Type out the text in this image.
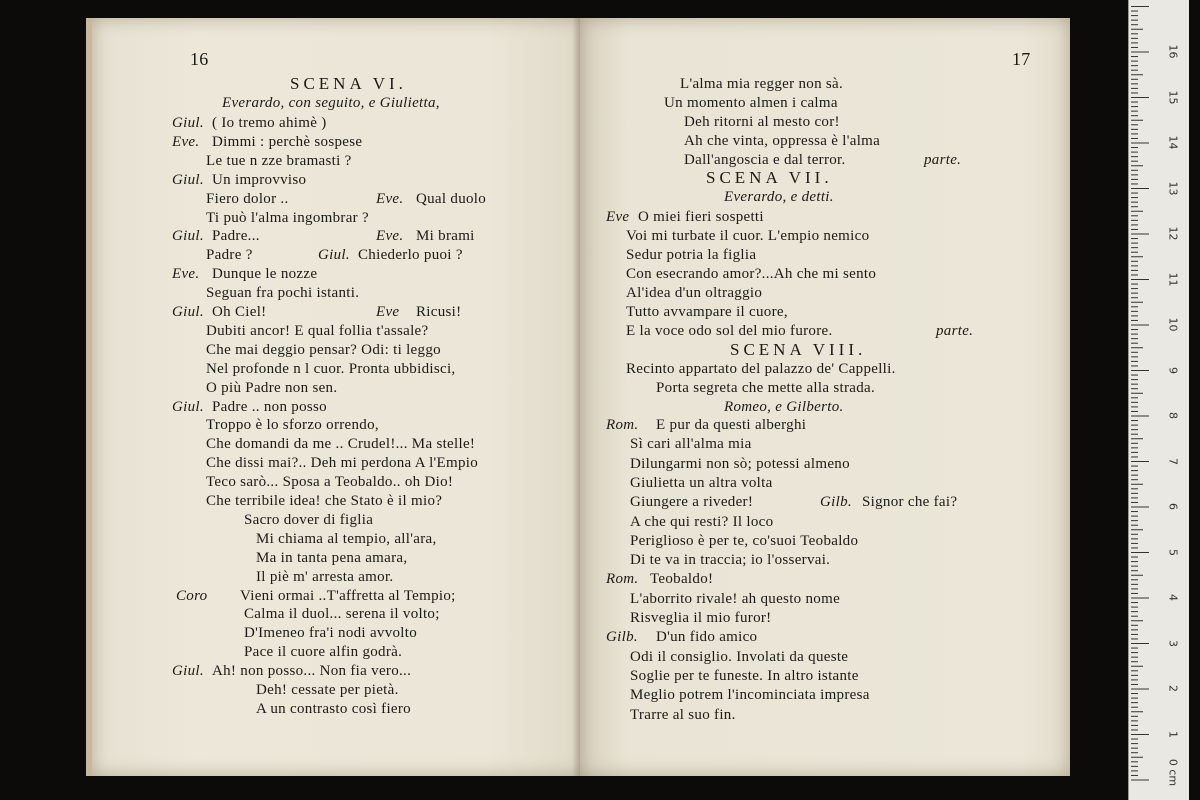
16
SCENA VI.
Everardo, con seguito, e Giulietta,
Giul. ( Io tremo ahimè )
Eve. Dimmi : perchè sospese
Le tue n zze bramasti ?
Giul. Un improvviso
Fiero dolor ..	Eve. Qual duolo
Ti può l'alma ingombrar ?
Giul. Padre...	Eve. Mi brami
Padre ?	Giul. Chiederlo puoi ?
Eve. Dunque le nozze
Seguan fra pochi istanti.
Giul. Oh Ciel!	Eve Ricusi!
Dubiti ancor! E qual follia t'assale?
Che mai deggio pensar? Odi: ti leggo
Nel profonde n l cuor. Pronta ubbidisci,
O più Padre non sen.
Giul. Padre .. non posso
Troppo è lo sforzo orrendo,
Che domandi da me .. Crudel!... Ma stelle!
Che dissi mai?.. Deh mi perdona A l'Empio
Teco sarò... Sposa a Teobaldo.. oh Dio!
Che terribile idea! che Stato è il mio?
Sacro dover di figlia
Mi chiama al tempio, all'ara,
Ma in tanta pena amara,
Il piè m' arresta amor.
Coro Vieni ormai ..T'affretta al Tempio;
Calma il duol... serena il volto;
D'Imeneo fra'i nodi avvolto
Pace il cuore alfin godrà.
Giul. Ah! non posso... Non fia vero...
Deh! cessate per pietà.
A un contrasto così fiero
17
L'alma mia regger non sà.
Un momento almen i calma
Deh ritorni al mesto cor!
Ah che vinta, oppressa è l'alma
Dall'angoscia e dal terror.	parte.
SCENA VII.
Everardo, e detti.
Eve O miei fieri sospetti
Voi mi turbate il cuor. L'empio nemico
Sedur potria la figlia
Con esecrando amor?...Ah che mi sento
Al'idea d'un oltraggio
Tutto avvampare il cuore,
E la voce odo sol del mio furore.	parte.
SCENA VIII.
Recinto appartato del palazzo de' Cappelli.
Porta segreta che mette alla strada.
Romeo, e Gilberto.
Rom. E pur da questi alberghi
Sì cari all'alma mia
Dilungarmi non sò; potessi almeno
Giulietta un altra volta
Giungere a riveder!	Gilb. Signor che fai?
A che qui resti? Il loco
Periglioso è per te, co'suoi Teobaldo
Di te va in traccia; io l'osservai.
Rom. Teobaldo!
L'aborrito rivale! ah questo nome
Risveglia il mio furor!
Gilb. D'un fido amico
Odi il consiglio. Involati da queste
Soglie per te funeste. In altro istante
Meglio potrem l'incominciata impresa
Trarre al suo fin.
1
2
3
4
5
6
7
8
9
10
11
12
13
14
15
16
0 cm
